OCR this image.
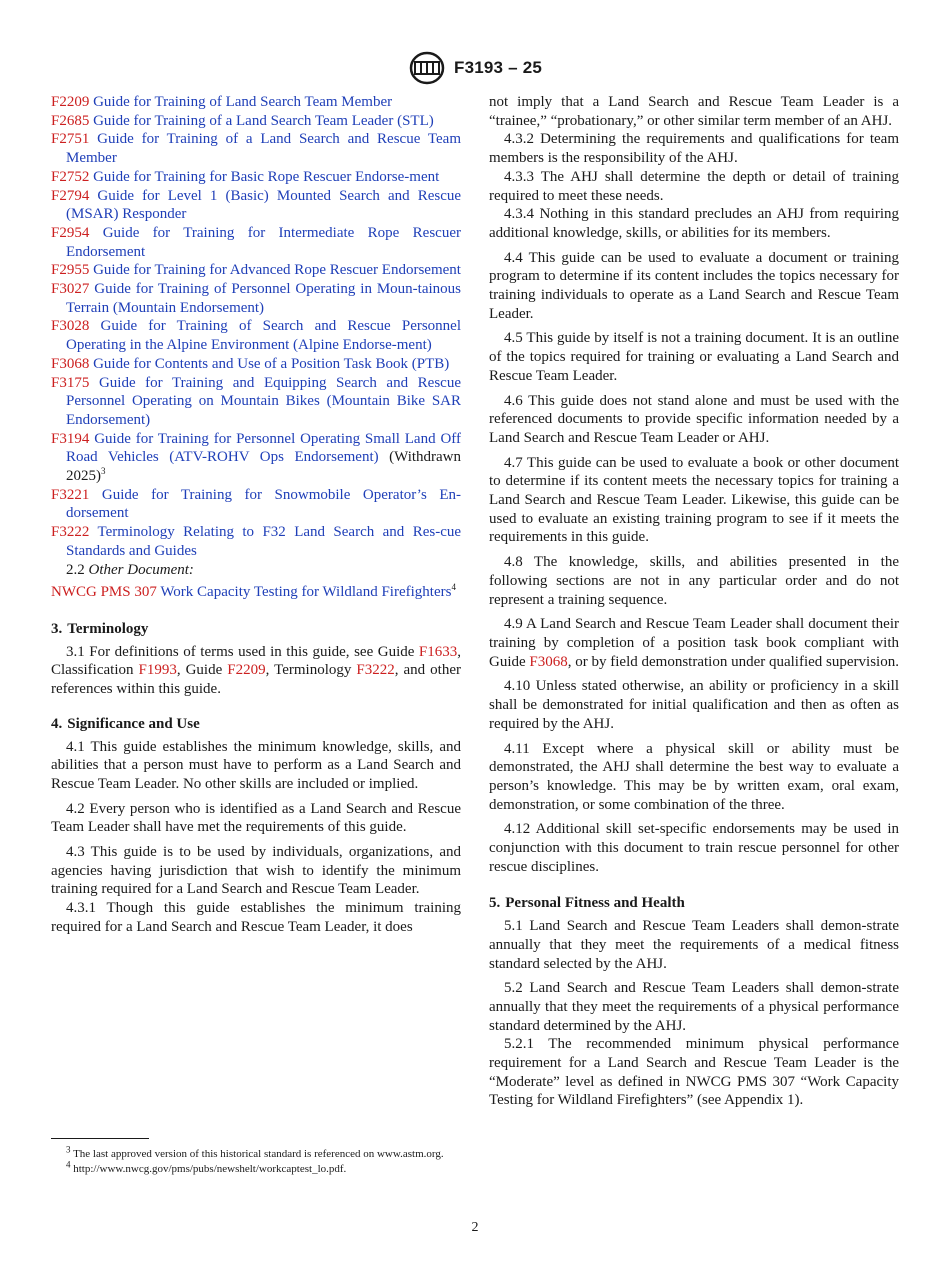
F3193 – 25

F2209 Guide for Training of Land Search Team Member

F2685 Guide for Training of a Land Search Team Leader (STL)

F2751 Guide for Training of a Land Search and Rescue Team Member

F2752 Guide for Training for Basic Rope Rescuer Endorse-ment

F2794 Guide for Level 1 (Basic) Mounted Search and Rescue (MSAR) Responder

F2954 Guide for Training for Intermediate Rope Rescuer Endorsement

F2955 Guide for Training for Advanced Rope Rescuer Endorsement

F3027 Guide for Training of Personnel Operating in Moun-tainous Terrain (Mountain Endorsement)

F3028 Guide for Training of Search and Rescue Personnel Operating in the Alpine Environment (Alpine Endorse-ment)

F3068 Guide for Contents and Use of a Position Task Book (PTB)

F3175 Guide for Training and Equipping Search and Rescue Personnel Operating on Mountain Bikes (Mountain Bike SAR Endorsement)

F3194 Guide for Training for Personnel Operating Small Land Off Road Vehicles (ATV-ROHV Ops Endorsement) (Withdrawn 2025)$^3$

F3221 Guide for Training for Snowmobile Operator’s En-dorsement

F3222 Terminology Relating to F32 Land Search and Res-cue Standards and Guides

2.2 Other Document:

NWCG PMS 307 Work Capacity Testing for Wildland Firefighters$^4$

3. Terminology

3.1 For definitions of terms used in this guide, see Guide F1633, Classification F1993, Guide F2209, Terminology F3222, and other references within this guide.

4. Significance and Use

4.1 This guide establishes the minimum knowledge, skills, and abilities that a person must have to perform as a Land Search and Rescue Team Leader. No other skills are included or implied.

4.2 Every person who is identified as a Land Search and Rescue Team Leader shall have met the requirements of this guide.

4.3 This guide is to be used by individuals, organizations, and agencies having jurisdiction that wish to identify the minimum training required for a Land Search and Rescue Team Leader.

4.3.1 Though this guide establishes the minimum training required for a Land Search and Rescue Team Leader, it does

not imply that a Land Search and Rescue Team Leader is a “trainee,” “probationary,” or other similar term member of an AHJ.

4.3.2 Determining the requirements and qualifications for team members is the responsibility of the AHJ.

4.3.3 The AHJ shall determine the depth or detail of training required to meet these needs.

4.3.4 Nothing in this standard precludes an AHJ from requiring additional knowledge, skills, or abilities for its members.

4.4 This guide can be used to evaluate a document or training program to determine if its content includes the topics necessary for training individuals to operate as a Land Search and Rescue Team Leader.

4.5 This guide by itself is not a training document. It is an outline of the topics required for training or evaluating a Land Search and Rescue Team Leader.

4.6 This guide does not stand alone and must be used with the referenced documents to provide specific information needed by a Land Search and Rescue Team Leader or AHJ.

4.7 This guide can be used to evaluate a book or other document to determine if its content meets the necessary topics for training a Land Search and Rescue Team Leader. Likewise, this guide can be used to evaluate an existing training program to see if it meets the requirements in this guide.

4.8 The knowledge, skills, and abilities presented in the following sections are not in any particular order and do not represent a training sequence.

4.9 A Land Search and Rescue Team Leader shall document their training by completion of a position task book compliant with Guide F3068, or by field demonstration under qualified supervision.

4.10 Unless stated otherwise, an ability or proficiency in a skill shall be demonstrated for initial qualification and then as often as required by the AHJ.

4.11 Except where a physical skill or ability must be demonstrated, the AHJ shall determine the best way to evaluate a person’s knowledge. This may be by written exam, oral exam, demonstration, or some combination of the three.

4.12 Additional skill set-specific endorsements may be used in conjunction with this document to train rescue personnel for other rescue disciplines.

5. Personal Fitness and Health

5.1 Land Search and Rescue Team Leaders shall demon-strate annually that they meet the requirements of a medical fitness standard selected by the AHJ.

5.2 Land Search and Rescue Team Leaders shall demon-strate annually that they meet the requirements of a physical performance standard determined by the AHJ.

5.2.1 The recommended minimum physical performance requirement for a Land Search and Rescue Team Leader is the “Moderate” level as defined in NWCG PMS 307 “Work Capacity Testing for Wildland Firefighters” (see Appendix 1).

$^3$ The last approved version of this historical standard is referenced on www.astm.org.

$^4$ http://www.nwcg.gov/pms/pubs/newshelt/workcaptest_lo.pdf.

2
